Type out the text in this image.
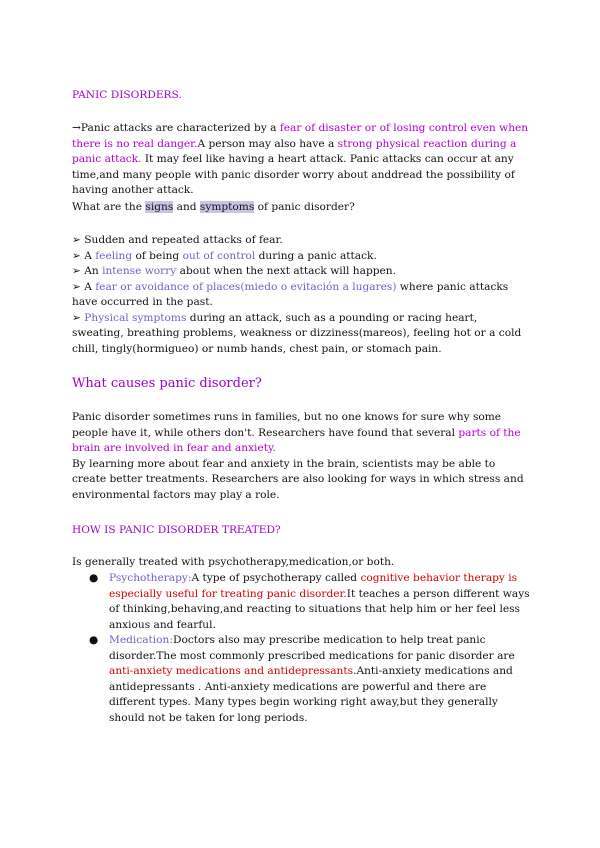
PANIC DISORDERS.
→Panic attacks are characterized by a fear of disaster or of losing control even when there is no real danger.A person may also have a strong physical reaction during a panic attack. It may feel like having a heart attack. Panic attacks can occur at any time,and many people with panic disorder worry about anddread the possibility of having another attack.
What are the signs and symptoms of panic disorder?
➢ Sudden and repeated attacks of fear.
➢ A feeling of being out of control during a panic attack.
➢ An intense worry about when the next attack will happen.
➢ A fear or avoidance of places(miedo o evitación a lugares) where panic attacks have occurred in the past.
➢ Physical symptoms during an attack, such as a pounding or racing heart, sweating, breathing problems, weakness or dizziness(mareos), feeling hot or a cold chill, tingly(hormigueo) or numb hands, chest pain, or stomach pain.
What causes panic disorder?
Panic disorder sometimes runs in families, but no one knows for sure why some people have it, while others don't. Researchers have found that several parts of the brain are involved in fear and anxiety.
By learning more about fear and anxiety in the brain, scientists may be able to create better treatments. Researchers are also looking for ways in which stress and environmental factors may play a role.
HOW IS PANIC DISORDER TREATED?
Is generally treated with psychotherapy,medication,or both.
●	Psychotherapy:A type of psychotherapy called cognitive behavior therapy is especially useful for treating panic disorder.It teaches a person different ways of thinking,behaving,and reacting to situations that help him or her feel less anxious and fearful.
●	Medication:Doctors also may prescribe medication to help treat panic disorder.The most commonly prescribed medications for panic disorder are anti-anxiety medications and antidepressants.Anti-anxiety medications and antidepressants . Anti-anxiety medications are powerful and there are different types. Many types begin working right away,but they generally should not be taken for long periods.
